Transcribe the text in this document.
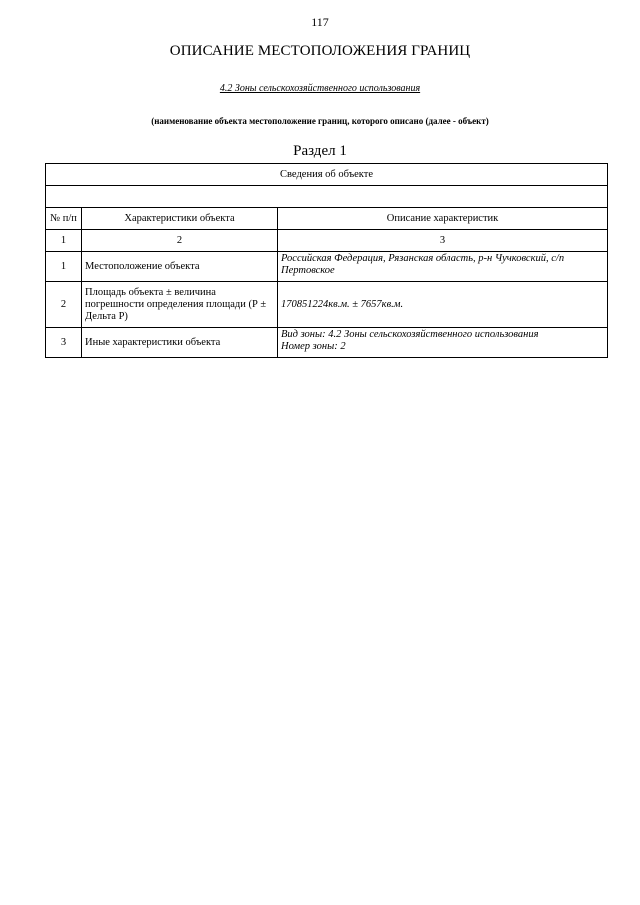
117
ОПИСАНИЕ МЕСТОПОЛОЖЕНИЯ ГРАНИЦ
4.2 Зоны сельскохозяйственного использования
(наименование объекта местоположение границ, которого описано (далее - объект)
Раздел 1
Сведения об объекте		

№ п/п	Характеристики объекта	Описание характеристик
1	2	3
1	Местоположение объекта	Российская Федерация, Рязанская область, р-н Чучковский, с/п Пертовское
2	Площадь объекта ± величина погрешности определения площади (Р ± Дельта Р)	170851224кв.м. ± 7657кв.м.
3	Иные характеристики объекта	Вид зоны: 4.2 Зоны сельскохозяйственного использования
Номер зоны: 2
